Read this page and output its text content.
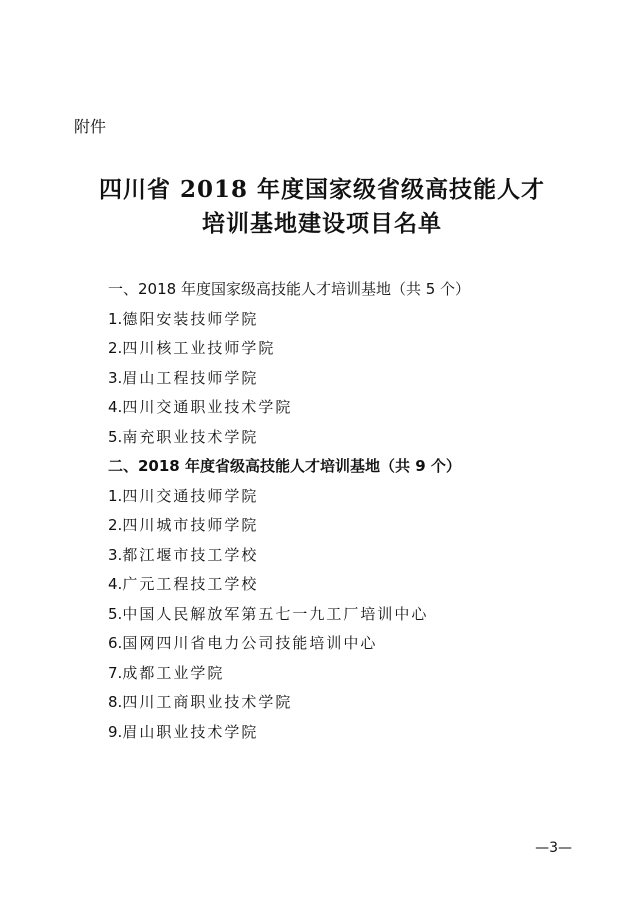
附件
四川省 2018 年度国家级省级高技能人才
培训基地建设项目名单
一、2018 年度国家级高技能人才培训基地（共 5 个）
1.德阳安装技师学院
2.四川核工业技师学院
3.眉山工程技师学院
4.四川交通职业技术学院
5.南充职业技术学院
二、2018 年度省级高技能人才培训基地（共 9 个）
1.四川交通技师学院
2.四川城市技师学院
3.都江堰市技工学校
4.广元工程技工学校
5.中国人民解放军第五七一九工厂培训中心
6.国网四川省电力公司技能培训中心
7.成都工业学院
8.四川工商职业技术学院
9.眉山职业技术学院
—3—
